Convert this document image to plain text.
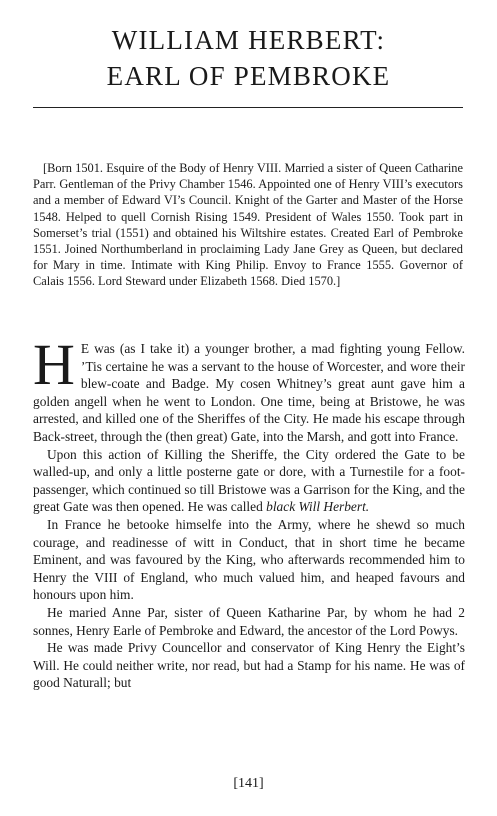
WILLIAM HERBERT:
EARL OF PEMBROKE

[Born 1501. Esquire of the Body of Henry VIII. Married a sister of Queen Catharine Parr. Gentleman of the Privy Chamber 1546. Appointed one of Henry VIII’s executors and a member of Edward VI’s Council. Knight of the Garter and Master of the Horse 1548. Helped to quell Cornish Rising 1549. President of Wales 1550. Took part in Somerset’s trial (1551) and obtained his Wiltshire estates. Created Earl of Pembroke 1551. Joined Northumberland in proclaiming Lady Jane Grey as Queen, but declared for Mary in time. Intimate with King Philip. Envoy to France 1555. Governor of Calais 1556. Lord Steward under Elizabeth 1568. Died 1570.]

H E was (as I take it) a younger brother, a mad fighting young Fellow. ’Tis certaine he was a servant to the house of Worcester, and wore their blew-coate and Badge. My cosen Whitney’s great aunt gave him a golden angell when he went to London. One time, being at Bristowe, he was arrested, and killed one of the Sheriffes of the City. He made his escape through Back-street, through the (then great) Gate, into the Marsh, and gott into France.

Upon this action of Killing the Sheriffe, the City ordered the Gate to be walled-up, and only a little posterne gate or dore, with a Turnestile for a foot-passenger, which continued so till Bristowe was a Garrison for the King, and the great Gate was then opened. He was called black Will Herbert.

In France he betooke himselfe into the Army, where he shewd so much courage, and readinesse of witt in Conduct, that in short time he became Eminent, and was favoured by the King, who afterwards recommended him to Henry the VIII of England, who much valued him, and heaped favours and honours upon him.

He maried Anne Par, sister of Queen Katharine Par, by whom he had 2 sonnes, Henry Earle of Pembroke and Edward, the ancestor of the Lord Powys.

He was made Privy Councellor and conservator of King Henry the Eight’s Will. He could neither write, nor read, but had a Stamp for his name. He was of good Naturall; but

[141]
